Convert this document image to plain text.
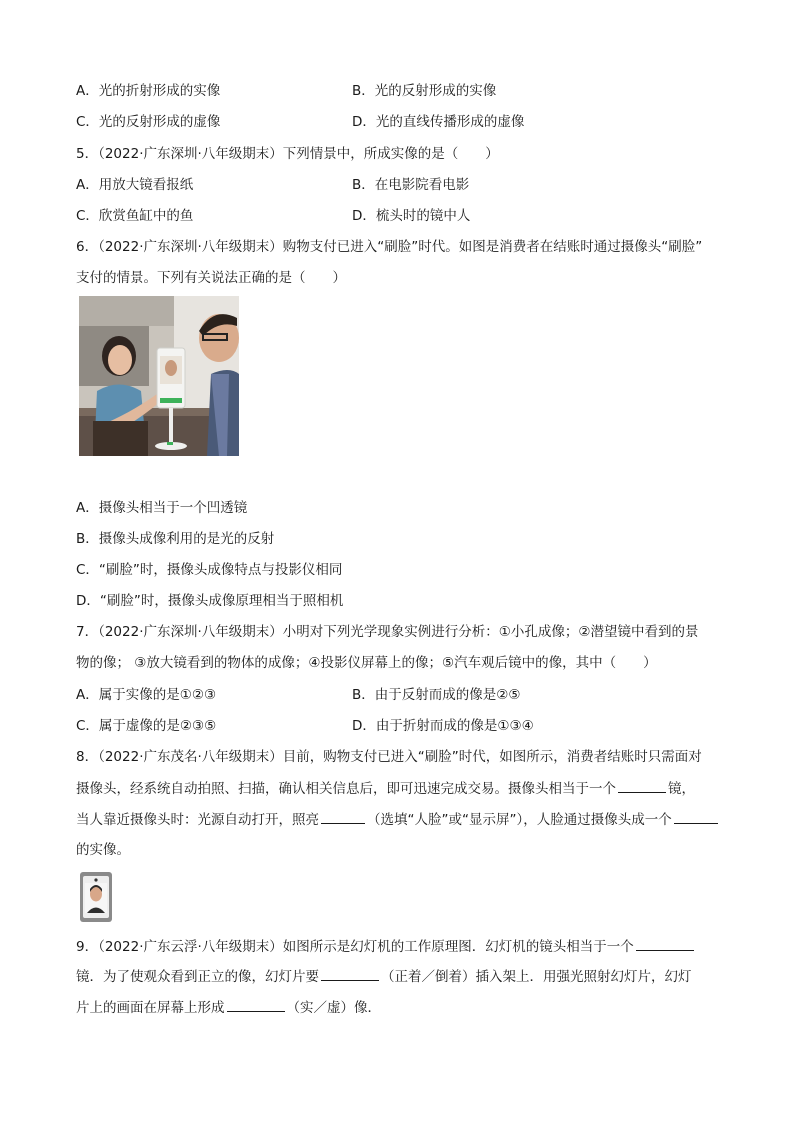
A．光的折射形成的实像	B．光的反射形成的实像
C．光的反射形成的虚像	D．光的直线传播形成的虚像
5．（2022·广东深圳·八年级期末）下列情景中，所成实像的是（　　）
A．用放大镜看报纸	B．在电影院看电影
C．欣赏鱼缸中的鱼	D．梳头时的镜中人
6．（2022·广东深圳·八年级期末）购物支付已进入“刷脸”时代。如图是消费者在结账时通过摄像头“刷脸”
支付的情景。下列有关说法正确的是（　　）
A．摄像头相当于一个凹透镜
B．摄像头成像利用的是光的反射
C．“刷脸”时，摄像头成像特点与投影仪相同
D．“刷脸”时，摄像头成像原理相当于照相机
7．（2022·广东深圳·八年级期末）小明对下列光学现象实例进行分析：①小孔成像；②潜望镜中看到的景
物的像； ③放大镜看到的物体的成像；④投影仪屏幕上的像；⑤汽车观后镜中的像，其中（　　）
A．属于实像的是①②③	B．由于反射而成的像是②⑤
C．属于虚像的是②③⑤	D．由于折射而成的像是①③④
8．（2022·广东茂名·八年级期末）目前，购物支付已进入“刷脸”时代，如图所示，消费者结账时只需面对
摄像头，经系统自动拍照、扫描，确认相关信息后，即可迅速完成交易。摄像头相当于一个	镜，
当人靠近摄像头时：光源自动打开，照亮	（选填“人脸”或“显示屏”），人脸通过摄像头成一个
的实像。
9．（2022·广东云浮·八年级期末）如图所示是幻灯机的工作原理图．幻灯机的镜头相当于一个
镜．为了使观众看到正立的像，幻灯片要	（正着／倒着）插入架上．用强光照射幻灯片，幻灯
片上的画面在屏幕上形成	（实／虚）像．
